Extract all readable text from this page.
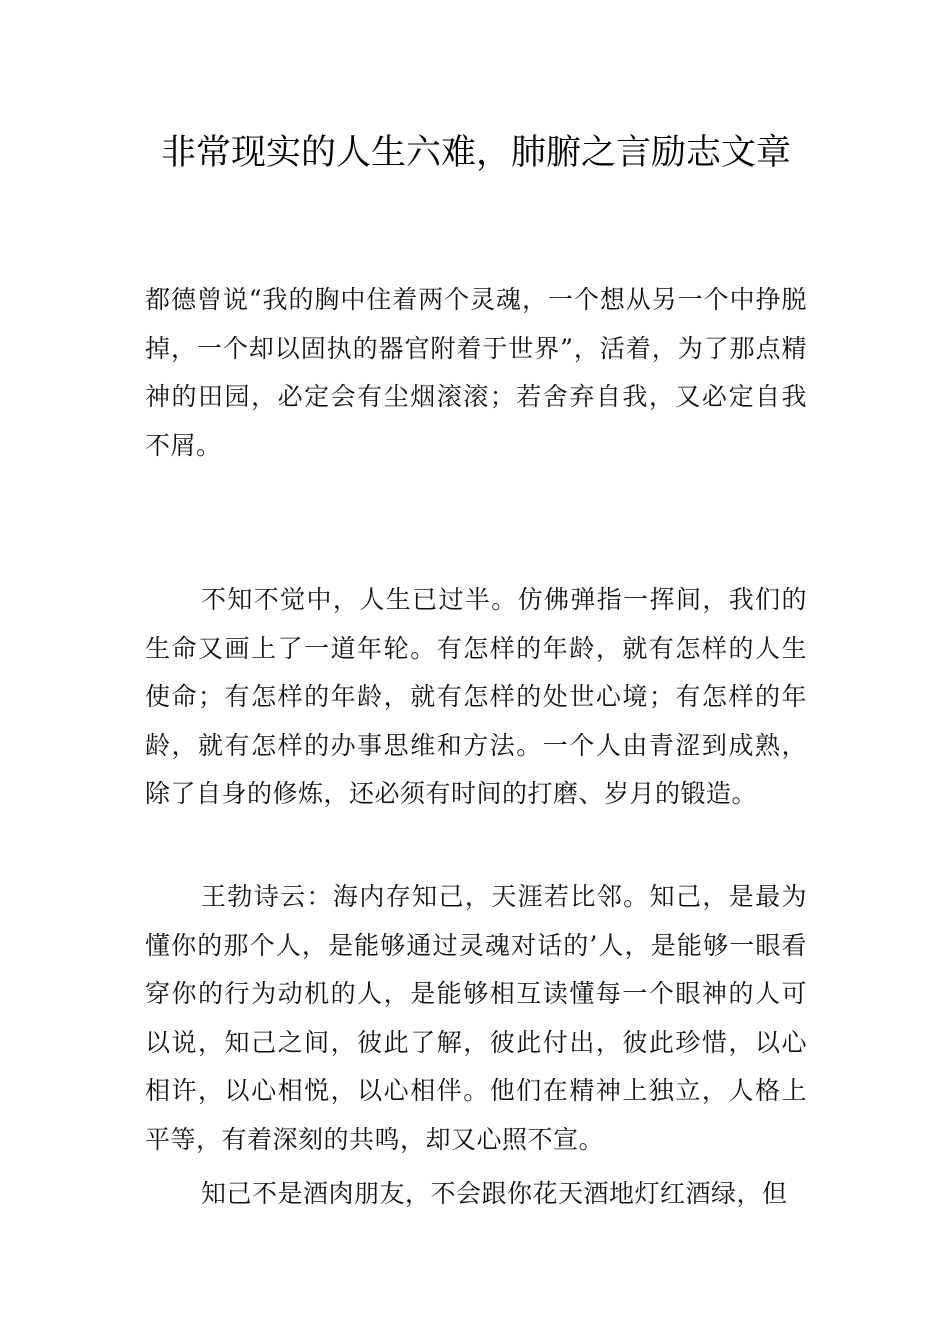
非常现实的人生六难，肺腑之言励志文章

都德曾说“我的胸中住着两个灵魂，一个想从另一个中挣脱掉，一个却以固执的器官附着于世界”，活着，为了那点精神的田园，必定会有尘烟滚滚；若舍弃自我，又必定自我不屑。

不知不觉中，人生已过半。仿佛弹指一挥间，我们的生命又画上了一道年轮。有怎样的年龄，就有怎样的人生使命；有怎样的年龄，就有怎样的处世心境；有怎样的年龄，就有怎样的办事思维和方法。一个人由青涩到成熟，除了自身的修炼，还必须有时间的打磨、岁月的锻造。

王勃诗云：海内存知己，天涯若比邻。知己，是最为懂你的那个人，是能够通过灵魂对话的’人，是能够一眼看穿你的行为动机的人，是能够相互读懂每一个眼神的人可以说，知己之间，彼此了解，彼此付出，彼此珍惜，以心相许，以心相悦，以心相伴。他们在精神上独立，人格上平等，有着深刻的共鸣，却又心照不宣。

知己不是酒肉朋友，不会跟你花天酒地灯红酒绿，但
